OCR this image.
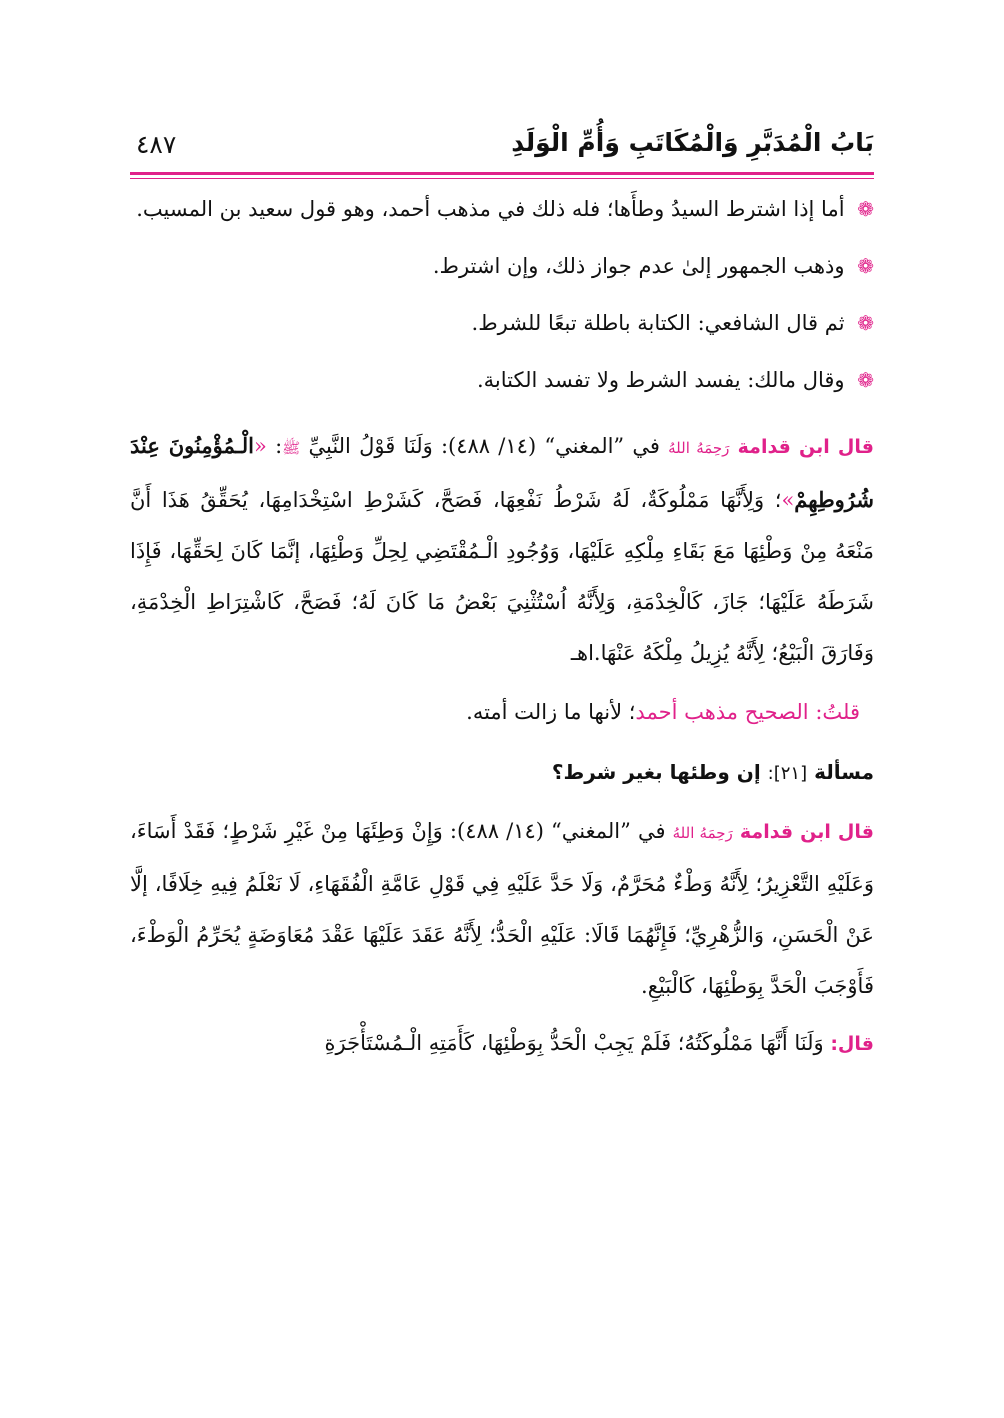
بَابُ الْمُدَبَّرِ وَالْمُكَاتَبِ وَأُمِّ الْوَلَدِ
٤٨٧

❁ أما إذا اشترط السيدُ وطأَها؛ فله ذلك في مذهب أحمد، وهو قول سعيد بن المسيب.

❁ وذهب الجمهور إلىٰ عدم جواز ذلك، وإن اشترط.

❁ ثم قال الشافعي: الكتابة باطلة تبعًا للشرط.

❁ وقال مالك: يفسد الشرط ولا تفسد الكتابة.

قال ابن قدامة رَحِمَهُ اللهُ في ”المغني“ (١٤/ ٤٨٨): وَلَنَا قَوْلُ النَّبِيِّ ﷺ: «الْـمُؤْمِنُونَ عِنْدَ شُرُوطِهِمْ»؛ وَلِأَنَّهَا مَمْلُوكَةٌ، لَهُ شَرْطُ نَفْعِهَا، فَصَحَّ، كَشَرْطِ اسْتِخْدَامِهَا، يُحَقِّقُ هَذَا أَنَّ مَنْعَهُ مِنْ وَطْئِهَا مَعَ بَقَاءِ مِلْكِهِ عَلَيْهَا، وَوُجُودِ الْـمُقْتَضِي لِحِلِّ وَطْئِهَا، إنَّمَا كَانَ لِحَقِّهَا، فَإِذَا شَرَطَهُ عَلَيْهَا؛ جَازَ، كَالْخِدْمَةِ، وَلِأَنَّهُ اُسْتُثْنِيَ بَعْضُ مَا كَانَ لَهُ؛ فَصَحَّ، كَاشْتِرَاطِ الْخِدْمَةِ، وَفَارَقَ الْبَيْعُ؛ لِأَنَّهُ يُزِيلُ مِلْكَهُ عَنْهَا.اهـ

قلتُ: الصحيح مذهب أحمد؛ لأنها ما زالت أمته.

مسألة [٢١]: إن وطئها بغير شرط؟

قال ابن قدامة رَحِمَهُ اللهُ في ”المغني“ (١٤/ ٤٨٨): وَإِنْ وَطِئَهَا مِنْ غَيْرِ شَرْطٍ؛ فَقَدْ أَسَاءَ، وَعَلَيْهِ التَّعْزِيرُ؛ لِأَنَّهُ وَطْءٌ مُحَرَّمٌ، وَلَا حَدَّ عَلَيْهِ فِي قَوْلِ عَامَّةِ الْفُقَهَاءِ، لَا نَعْلَمُ فِيهِ خِلَافًا، إلَّا عَنْ الْحَسَنِ، وَالزُّهْرِيِّ؛ فَإِنَّهُمَا قَالَا: عَلَيْهِ الْحَدُّ؛ لِأَنَّهُ عَقَدَ عَلَيْهَا عَقْدَ مُعَاوَضَةٍ يُحَرِّمُ الْوَطْءَ، فَأَوْجَبَ الْحَدَّ بِوَطْئِهَا، كَالْبَيْعِ.

قال: وَلَنَا أَنَّهَا مَمْلُوكَتُهُ؛ فَلَمْ يَجِبْ الْحَدُّ بِوَطْئِهَا، كَأَمَتِهِ الْـمُسْتَأْجَرَةِ
